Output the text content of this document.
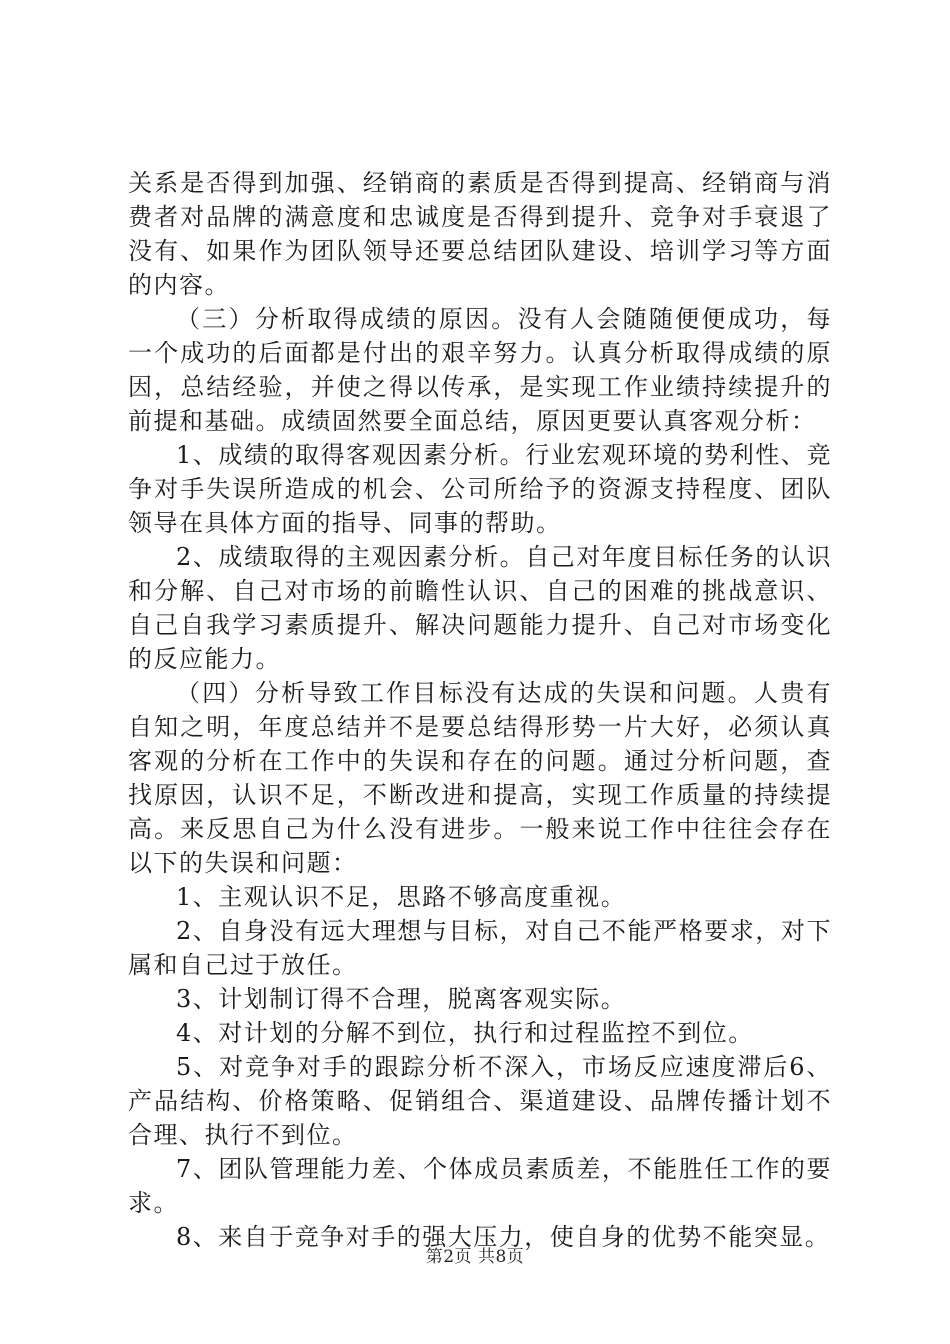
关系是否得到加强、经销商的素质是否得到提高、经销商与消费者对品牌的满意度和忠诚度是否得到提升、竞争对手衰退了没有、如果作为团队领导还要总结团队建设、培训学习等方面的内容。

（三）分析取得成绩的原因。没有人会随随便便成功，每一个成功的后面都是付出的艰辛努力。认真分析取得成绩的原因，总结经验，并使之得以传承，是实现工作业绩持续提升的前提和基础。成绩固然要全面总结，原因更要认真客观分析：

1、成绩的取得客观因素分析。行业宏观环境的势利性、竞争对手失误所造成的机会、公司所给予的资源支持程度、团队领导在具体方面的指导、同事的帮助。

2、成绩取得的主观因素分析。自己对年度目标任务的认识和分解、自己对市场的前瞻性认识、自己的困难的挑战意识、自己自我学习素质提升、解决问题能力提升、自己对市场变化的反应能力。

（四）分析导致工作目标没有达成的失误和问题。人贵有自知之明，年度总结并不是要总结得形势一片大好，必须认真客观的分析在工作中的失误和存在的问题。通过分析问题，查找原因，认识不足，不断改进和提高，实现工作质量的持续提高。来反思自己为什么没有进步。一般来说工作中往往会存在以下的失误和问题：

1、主观认识不足，思路不够高度重视。

2、自身没有远大理想与目标，对自己不能严格要求，对下属和自己过于放任。

3、计划制订得不合理，脱离客观实际。

4、对计划的分解不到位，执行和过程监控不到位。

5、对竞争对手的跟踪分析不深入，市场反应速度滞后6、产品结构、价格策略、促销组合、渠道建设、品牌传播计划不合理、执行不到位。

7、团队管理能力差、个体成员素质差，不能胜任工作的要求。

8、来自于竞争对手的强大压力，使自身的优势不能突显。

第2页 共8页
